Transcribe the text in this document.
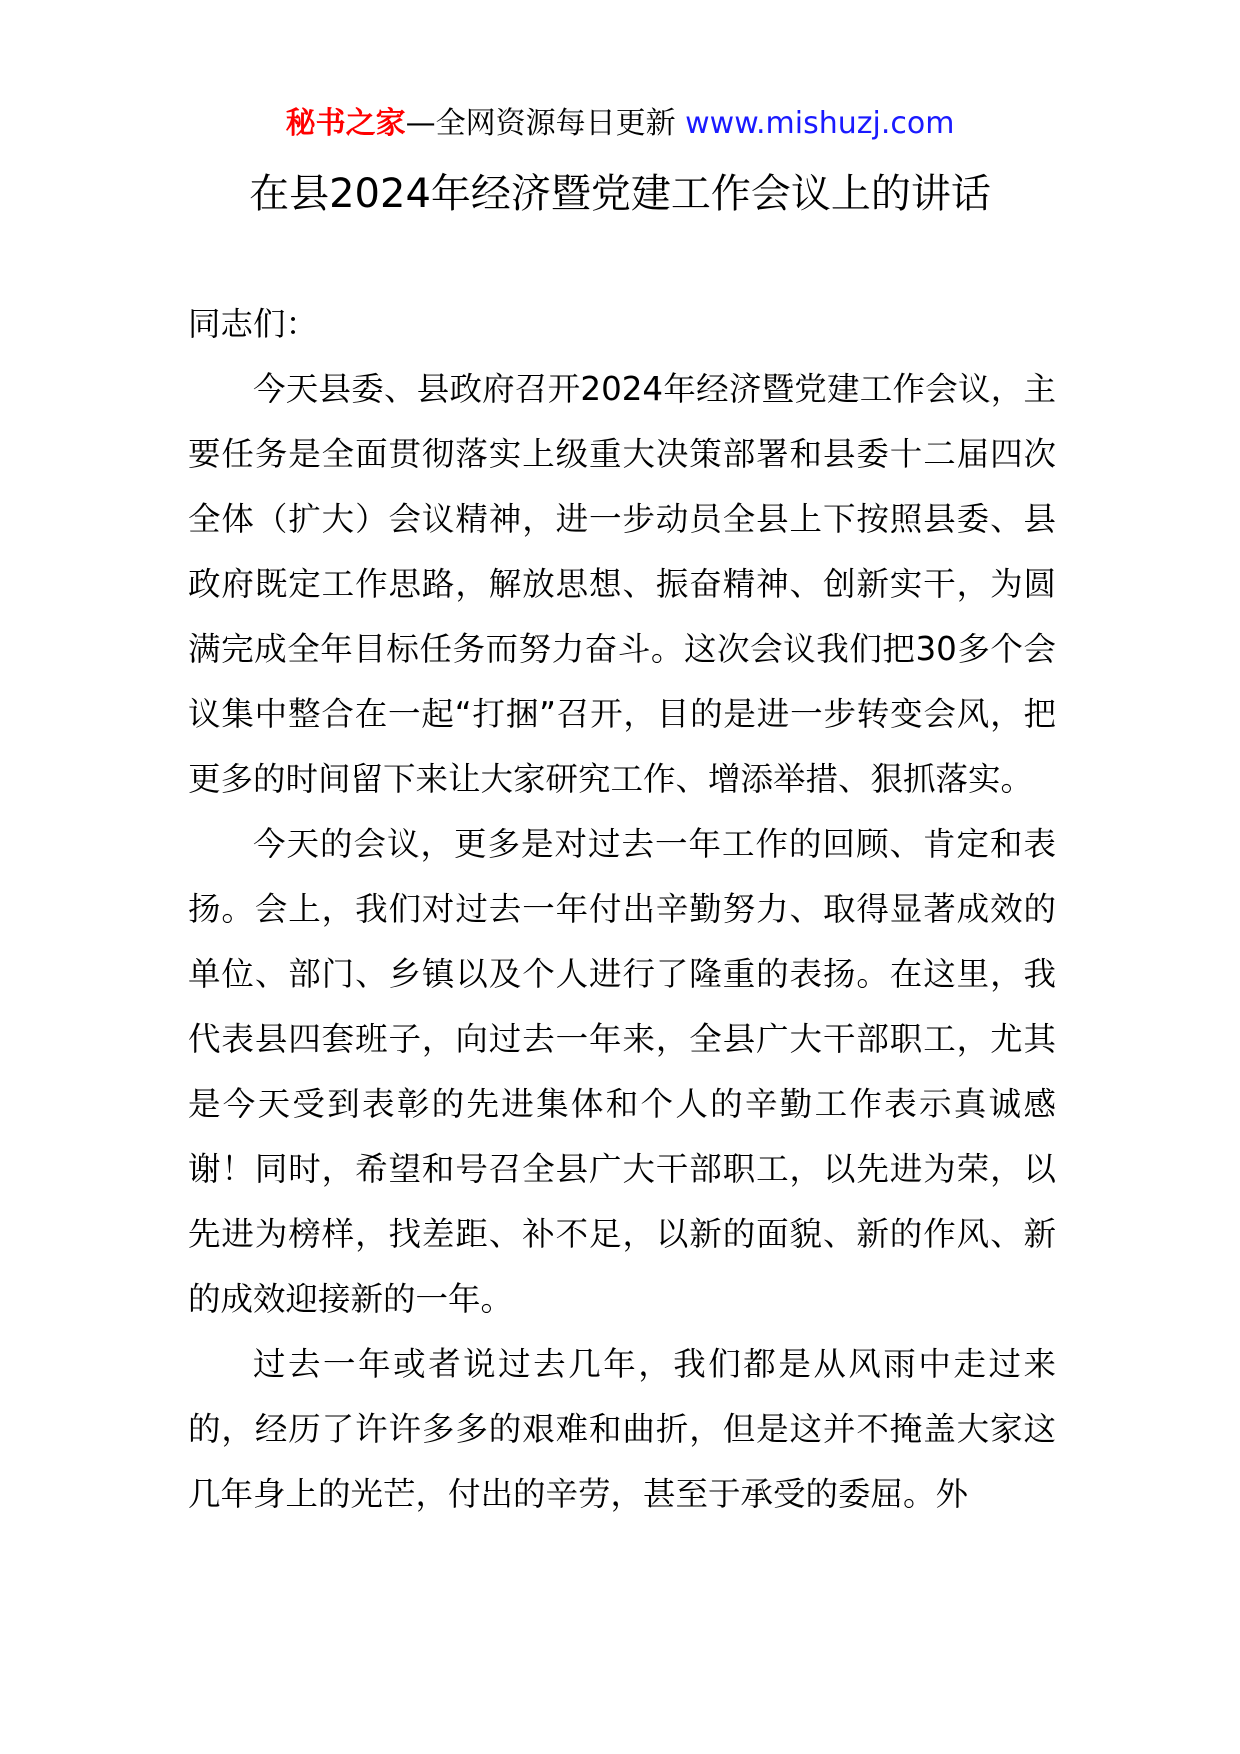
秘书之家—全网资源每日更新 www.mishuzj.com
在县2024年经济暨党建工作会议上的讲话

同志们：

今天县委、县政府召开2024年经济暨党建工作会议，主要任务是全面贯彻落实上级重大决策部署和县委十二届四次全体（扩大）会议精神，进一步动员全县上下按照县委、县政府既定工作思路，解放思想、振奋精神、创新实干，为圆满完成全年目标任务而努力奋斗。这次会议我们把30多个会议集中整合在一起“打捆”召开，目的是进一步转变会风，把更多的时间留下来让大家研究工作、增添举措、狠抓落实。

今天的会议，更多是对过去一年工作的回顾、肯定和表扬。会上，我们对过去一年付出辛勤努力、取得显著成效的单位、部门、乡镇以及个人进行了隆重的表扬。在这里，我代表县四套班子，向过去一年来，全县广大干部职工，尤其是今天受到表彰的先进集体和个人的辛勤工作表示真诚感谢！同时，希望和号召全县广大干部职工，以先进为荣，以先进为榜样，找差距、补不足，以新的面貌、新的作风、新的成效迎接新的一年。

过去一年或者说过去几年，我们都是从风雨中走过来的，经历了许许多多的艰难和曲折，但是这并不掩盖大家这几年身上的光芒，付出的辛劳，甚至于承受的委屈。外
